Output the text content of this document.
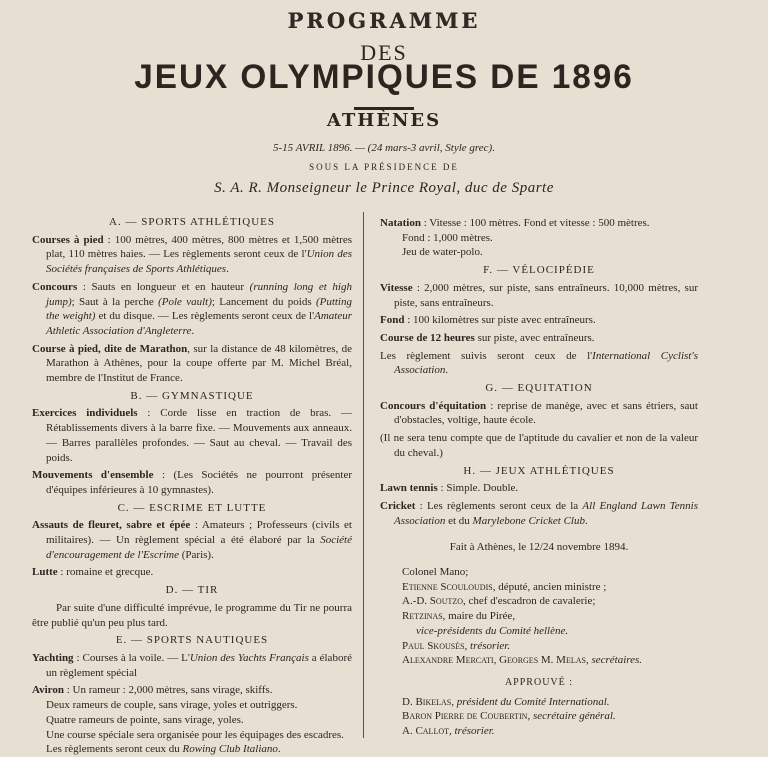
PROGRAMME
DES
JEUX OLYMPIQUES DE 1896
▬▬▬▬▬▬
ATHÈNES
5-15 AVRIL 1896. — (24 mars-3 avril, Style grec).
SOUS LA PRÉSIDENCE DE
S. A. R. Monseigneur le Prince Royal, duc de Sparte
A. — SPORTS ATHLÉTIQUES
Courses à pied : 100 mètres, 400 mètres, 800 mètres et 1,500 mètres plat, 110 mètres haies. — Les règlements seront ceux de l'Union des Sociétés françaises de Sports Athlétiques.
Concours : Sauts en longueur et en hauteur (running long et high jump); Saut à la perche (Pole vault); Lancement du poids (Putting the weight) et du disque. — Les règlements seront ceux de l'Amateur Athletic Association d'Angleterre.
Course à pied, dite de Marathon, sur la distance de 48 kilomètres, de Marathon à Athènes, pour la coupe offerte par M. Michel Bréal, membre de l'Institut de France.
B. — GYMNASTIQUE
Exercices individuels : Corde lisse en traction de bras. — Rétablissements divers à la barre fixe. — Mouvements aux anneaux. — Barres parallèles profondes. — Saut au cheval. — Travail des poids.
Mouvements d'ensemble : (Les Sociétés ne pourront présenter d'équipes inférieures à 10 gymnastes).
C. — ESCRIME ET LUTTE
Assauts de fleuret, sabre et épée : Amateurs ; Professeurs (civils et militaires). — Un règlement spécial a été élaboré par la Société d'encouragement de l'Escrime (Paris).
Lutte : romaine et grecque.
D. — TIR
Par suite d'une difficulté imprévue, le programme du Tir ne pourra être publié qu'un peu plus tard.
E. — SPORTS NAUTIQUES
Yachting : Courses à la voile. — L'Union des Yachts Français a élaboré un règlement spécial
Aviron : Un rameur : 2,000 mètres, sans virage, skiffs.
Deux rameurs de couple, sans virage, yoles et outriggers.
Quatre rameurs de pointe, sans virage, yoles.
Une course spéciale sera organisée pour les équipages des escadres.
Les règlements seront ceux du Rowing Club Italiano.
Natation : Vitesse : 100 mètres. Fond et vitesse : 500 mètres.
Fond : 1,000 mètres.
Jeu de water-polo.
F. — VÉLOCIPÉDIE
Vitesse : 2,000 mètres, sur piste, sans entraîneurs. 10,000 mètres, sur piste, sans entraîneurs.
Fond : 100 kilomètres sur piste avec entraîneurs.
Course de 12 heures sur piste, avec entraîneurs.
Les règlement suivis seront ceux de l'International Cyclist's Association.
G. — EQUITATION
Concours d'équitation : reprise de manège, avec et sans étriers, saut d'obstacles, voltige, haute école.
(Il ne sera tenu compte que de l'aptitude du cavalier et non de la valeur du cheval.)
H. — JEUX ATHLÉTIQUES
Lawn tennis : Simple. Double.
Cricket : Les règlements seront ceux de la All England Lawn Tennis Association et du Marylebone Cricket Club.
Fait à Athènes, le 12/24 novembre 1894.
Colonel Mano;
Etienne Scouloudis, député, ancien ministre ;
A.-D. Soutzo, chef d'escadron de cavalerie;
Retzinas, maire du Pirée,
vice-présidents du Comité hellène.
Paul Skousès, trésorier.
Alexandre Mercati, Georges M. Melas, secrétaires.
APPROUVÉ :
D. Bikelas, président du Comité International.
Baron Pierre de Coubertin, secrétaire général.
A. Callot, trésorier.
